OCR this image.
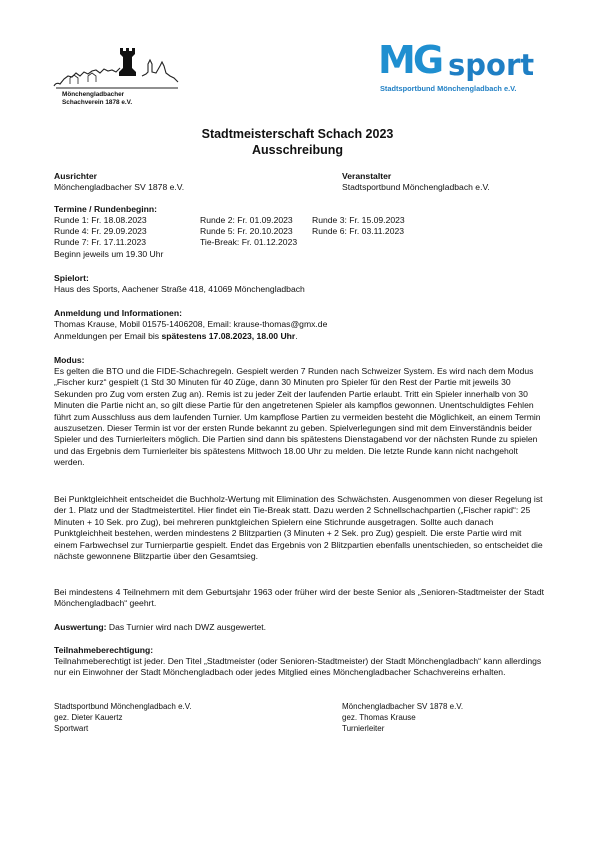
Mönchengladbacher
Schachverein 1878 e.V.
MG sport
Stadtsportbund Mönchengladbach e.V.
Stadtmeisterschaft Schach 2023
Ausschreibung
Ausrichter
Mönchengladbacher SV 1878 e.V.
Veranstalter
Stadtsportbund Mönchengladbach e.V.
Termine / Rundenbeginn:
Runde 1: Fr. 18.08.2023	Runde 2: Fr. 01.09.2023 Runde 3: Fr. 15.09.2023
Runde 4: Fr. 29.09.2023	Runde 5: Fr. 20.10.2023 Runde 6: Fr. 03.11.2023
Runde 7: Fr. 17.11.2023	Tie-Break: Fr. 01.12.2023
Beginn jeweils um 19.30 Uhr
Spielort:
Haus des Sports, Aachener Straße 418, 41069 Mönchengladbach
Anmeldung und Informationen:
Thomas Krause, Mobil 01575-1406208, Email: krause-thomas@gmx.de
Anmeldungen per Email bis spätestens 17.08.2023, 18.00 Uhr.
Modus:
Es gelten die BTO und die FIDE-Schachregeln. Gespielt werden 7 Runden nach Schweizer System. Es wird nach dem Modus „Fischer kurz“ gespielt (1 Std 30 Minuten für 40 Züge, dann 30 Minuten pro Spieler für den Rest der Partie mit jeweils 30 Sekunden pro Zug vom ersten Zug an). Remis ist zu jeder Zeit der laufenden Partie erlaubt. Tritt ein Spieler innerhalb von 30 Minuten die Partie nicht an, so gilt diese Partie für den angetretenen Spieler als kampflos gewonnen. Unentschuldigtes Fehlen führt zum Ausschluss aus dem laufenden Turnier. Um kampflose Partien zu vermeiden besteht die Möglichkeit, an einem Termin auszusetzen. Dieser Termin ist vor der ersten Runde bekannt zu geben. Spielverlegungen sind mit dem Einverständnis beider Spieler und des Turnierleiters möglich. Die Partien sind dann bis spätestens Dienstagabend vor der nächsten Runde zu spielen und das Ergebnis dem Turnierleiter bis spätestens Mittwoch 18.00 Uhr zu melden. Die letzte Runde kann nicht nachgeholt werden.
Bei Punktgleichheit entscheidet die Buchholz-Wertung mit Elimination des Schwächsten. Ausgenommen von dieser Regelung ist der 1. Platz und der Stadtmeistertitel. Hier findet ein Tie-Break statt. Dazu werden 2 Schnellschachpartien („Fischer rapid“: 25 Minuten + 10 Sek. pro Zug), bei mehreren punktgleichen Spielern eine Stichrunde ausgetragen. Sollte auch danach Punktgleichheit bestehen, werden mindestens 2 Blitzpartien (3 Minuten + 2 Sek. pro Zug) gespielt. Die erste Partie wird mit einem Farbwechsel zur Turnierpartie gespielt. Endet das Ergebnis von 2 Blitzpartien ebenfalls unentschieden, so entscheidet die nächste gewonnene Blitzpartie über den Gesamtsieg.
Bei mindestens 4 Teilnehmern mit dem Geburtsjahr 1963 oder früher wird der beste Senior als „Senioren-Stadtmeister der Stadt Mönchengladbach“ geehrt.
Auswertung: Das Turnier wird nach DWZ ausgewertet.
Teilnahmeberechtigung:
Teilnahmeberechtigt ist jeder. Den Titel „Stadtmeister (oder Senioren-Stadtmeister) der Stadt Mönchengladbach“ kann allerdings nur ein Einwohner der Stadt Mönchengladbach oder jedes Mitglied eines Mönchengladbacher Schachvereins erhalten.
Stadtsportbund Mönchengladbach e.V.
gez. Dieter Kauertz
Sportwart
Mönchengladbacher SV 1878 e.V.
gez. Thomas Krause
Turnierleiter
